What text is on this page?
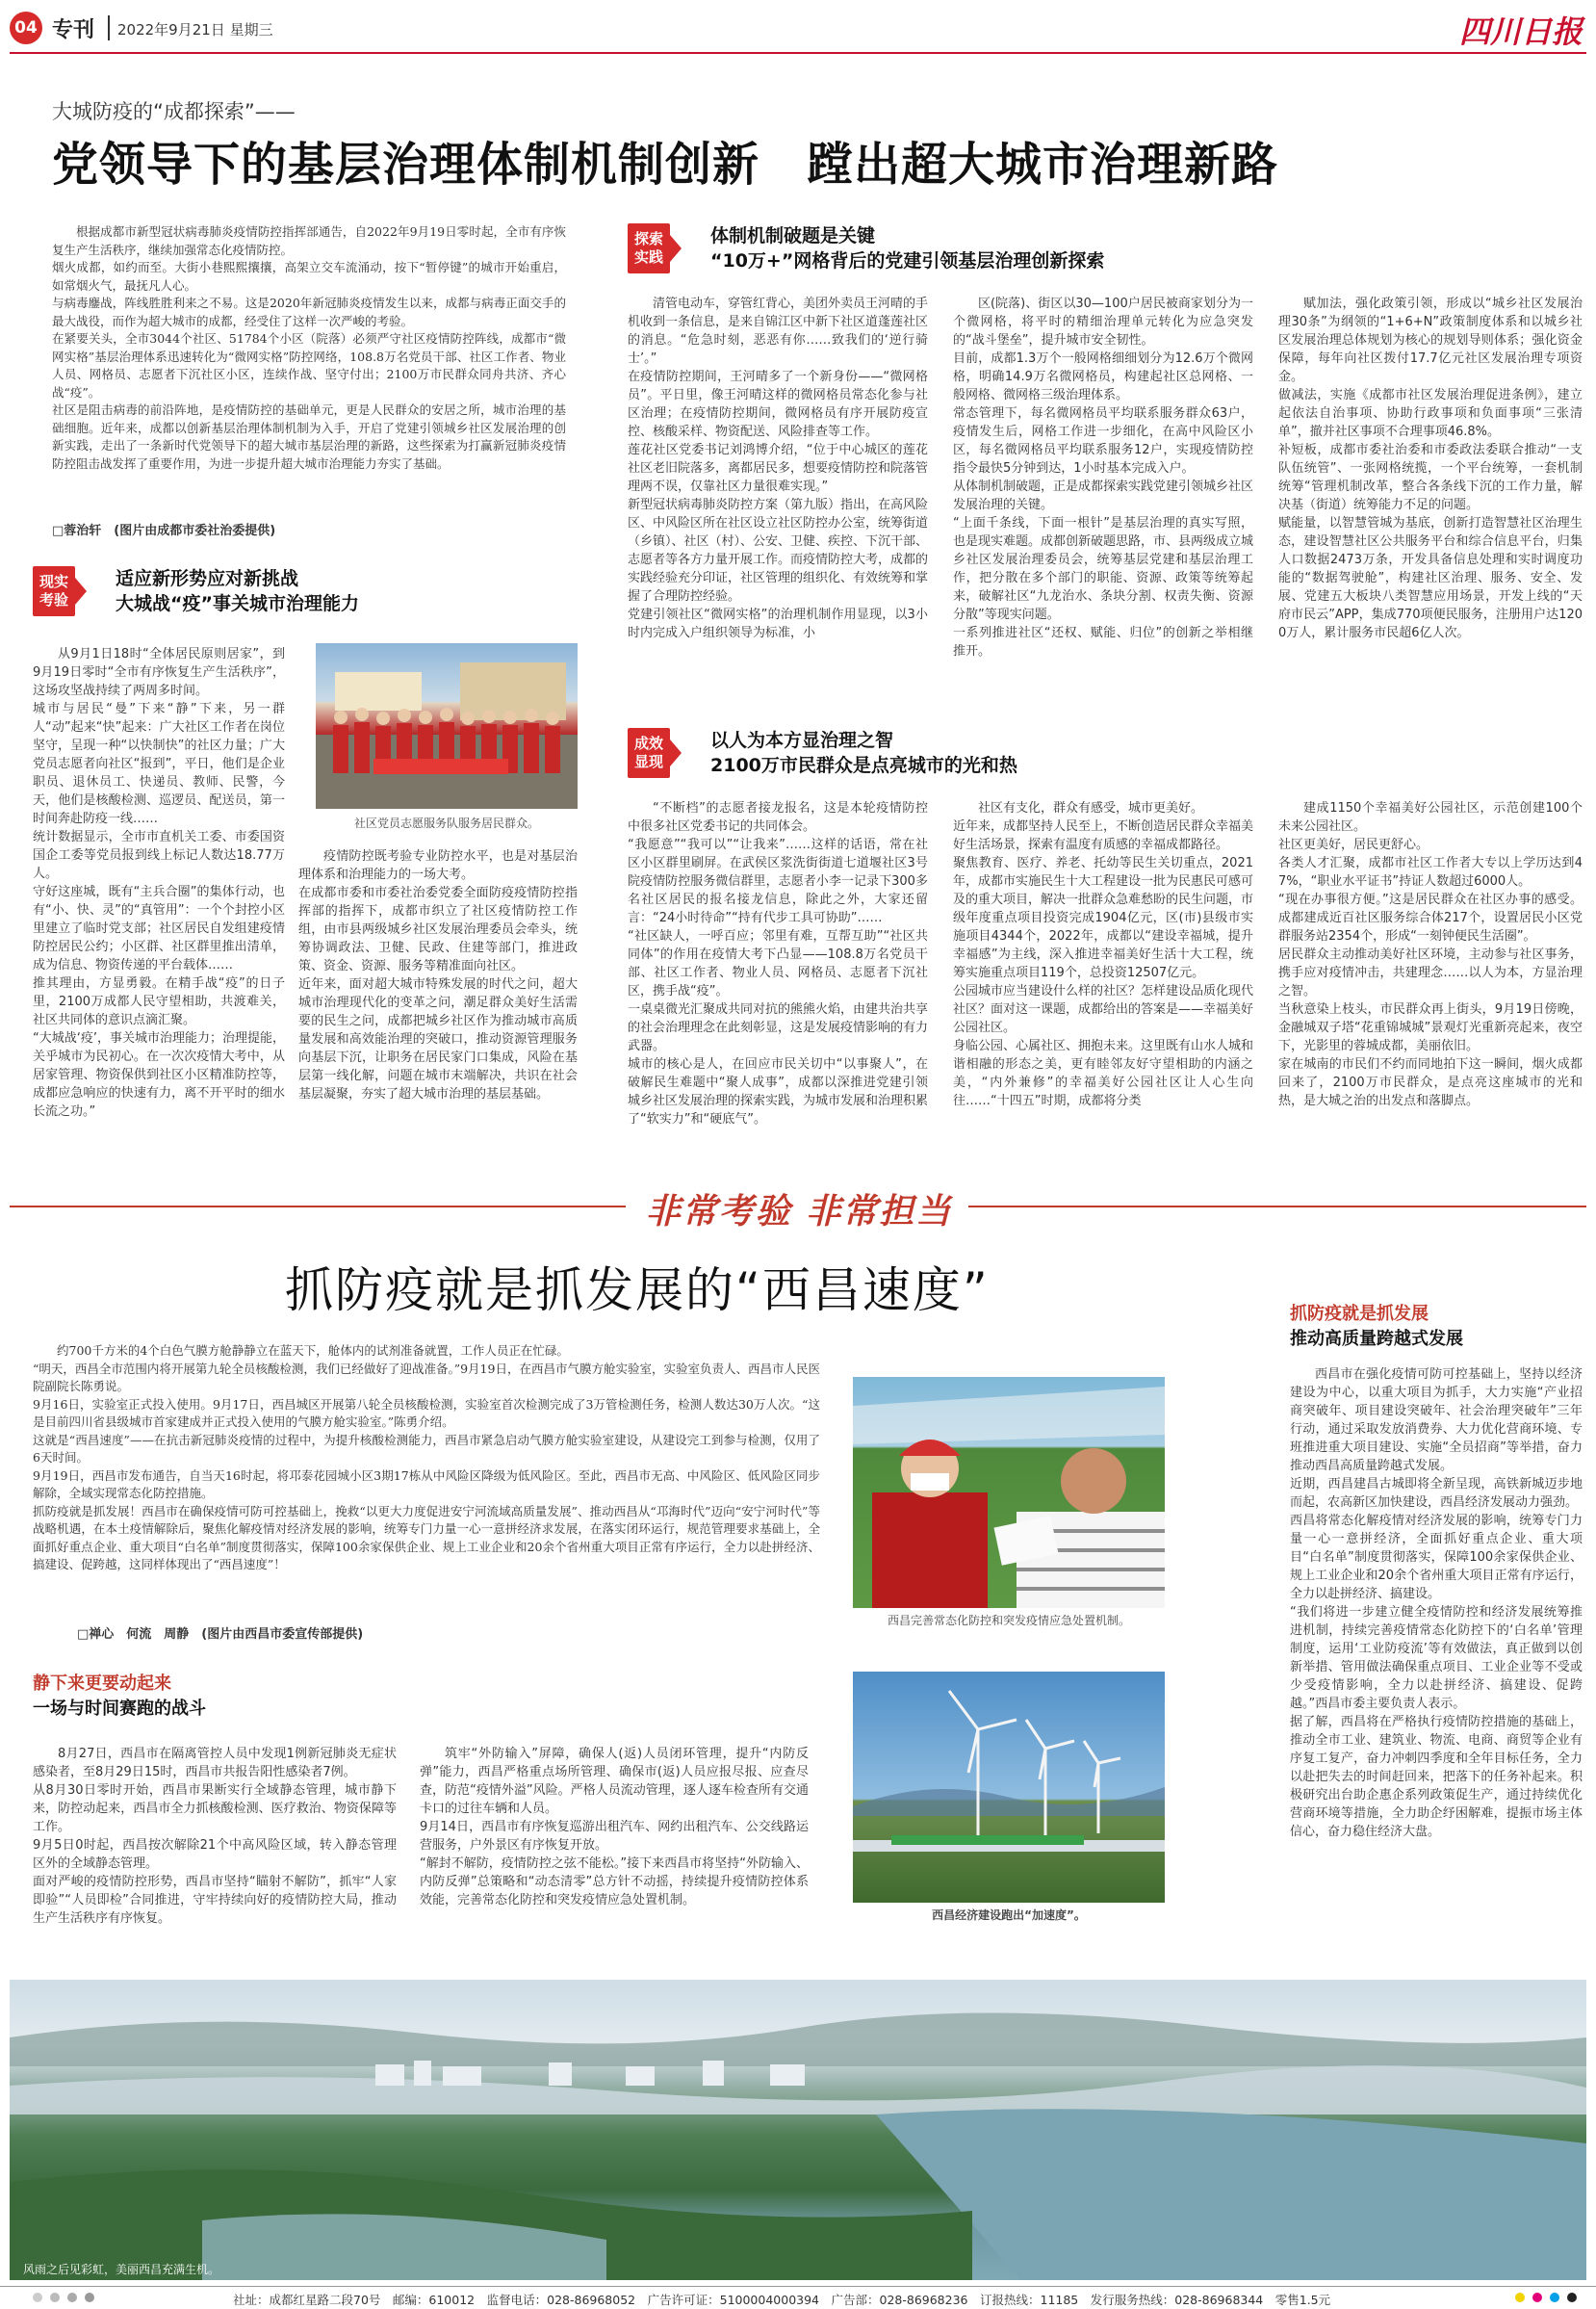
04 专刊 2022年9月21日 星期三	四川日报
大城防疫的“成都探索”——
党领导下的基层治理体制机制创新　蹚出超大城市治理新路
根据成都市新型冠状病毒肺炎疫情防控指挥部通告，自2022年9月19日零时起，全市有序恢复生产生活秩序，继续加强常态化疫情防控。
烟火成都，如约而至。大街小巷熙熙攘攘，高架立交车流涌动，按下“暂停键”的城市开始重启，如常烟火气，最抚凡人心。
与病毒鏖战，阵线胜胜利来之不易。这是2020年新冠肺炎疫情发生以来，成都与病毒正面交手的最大战役，而作为超大城市的成都，经受住了这样一次严峻的考验。
在紧要关头，全市3044个社区、51784个小区（院落）必须严守社区疫情防控阵线，成都市“微网实格”基层治理体系迅速转化为“微网实格”防控网络，108.8万名党员干部、社区工作者、物业人员、网格员、志愿者下沉社区小区，连续作战、坚守付出；2100万市民群众同舟共济、齐心战“疫”。
社区是阻击病毒的前沿阵地，是疫情防控的基础单元，更是人民群众的安居之所，城市治理的基础细胞。近年来，成都以创新基层治理体制机制为入手，开启了党建引领城乡社区发展治理的创新实践，走出了一条新时代党领导下的超大城市基层治理的新路，这些探索为打赢新冠肺炎疫情防控阻击战发挥了重要作用，为进一步提升超大城市治理能力夯实了基础。
□蓉治轩　(图片由成都市委社治委提供)
现实考验
适应新形势应对新挑战
大城战“疫”事关城市治理能力
从9月1日18时“全体居民原则居家”，到9月19日零时“全市有序恢复生产生活秩序”，这场攻坚战持续了两周多时间。
城市与居民“曼”下来“静”下来，另一群人“动”起来“快”起来：广大社区工作者在岗位坚守，呈现一种“以快制快”的社区力量；广大党员志愿者向社区“报到”，平日，他们是企业职员、退休员工、快递员、教师、民警，今天，他们是核酸检测、巡逻员、配送员，第一时间奔赴防疫一线……
统计数据显示，全市市直机关工委、市委国资国企工委等党员报到线上标记人数达18.77万人。
守好这座城，既有“主兵合圈”的集体行动，也有“小、快、灵”的“真管用”：一个个封控小区里建立了临时党支部；社区居民自发组建疫情防控居民公约；小区群、社区群里推出清单，成为信息、物资传递的平台载体……
推其理由，方显勇毅。在精手战“疫”的日子里，2100万成都人民守望相助，共渡难关，社区共同体的意识点滴汇聚。
“大城战‘疫’，事关城市治理能力；治理提能，关乎城市为民初心。在一次次疫情大考中，从居家管理、物资保供到社区小区精准防控等，成都应急响应的快速有力，离不开平时的细水长流之功。”
社区党员志愿服务队服务居民群众。
疫情防控既考验专业防控水平，也是对基层治理体系和治理能力的一场大考。
在成都市委和市委社治委党委全面防疫疫情防控指挥部的指挥下，成都市织立了社区疫情防控工作组，由市县两级城乡社区发展治理委员会牵头，统筹协调政法、卫健、民政、住建等部门，推进政策、资金、资源、服务等精准面向社区。
近年来，面对超大城市特殊发展的时代之问，超大城市治理现代化的变革之问，潮足群众美好生活需要的民生之问，成都把城乡社区作为推动城市高质量发展和高效能治理的突破口，推动资源管理服务向基层下沉，让职务在居民家门口集成，风险在基层第一线化解，问题在城市末端解决，共识在社会基层凝聚，夯实了超大城市治理的基层基础。
探索实践
体制机制破题是关键
“10万+”网格背后的党建引领基层治理创新探索
清管电动车，穿管红背心，美团外卖员王河晴的手机收到一条信息，是来自锦江区中新下社区道蓬莲社区的消息。“危急时刻，恶恶有你……致我们的‘逆行骑士’。”
在疫情防控期间，王河晴多了一个新身份——“微网格员”。平日里，像王河晴这样的微网格员常态化参与社区治理；在疫情防控期间，微网格员有序开展防疫宣控、核酸采样、物资配送、风险排查等工作。
莲花社区党委书记刘鸿博介绍，“位于中心城区的莲花社区老旧院落多，离都居民多，想要疫情防控和院落管理两不误，仅靠社区力量很难实现。”
新型冠状病毒肺炎防控方案（第九版）指出，在高风险区、中风险区所在社区设立社区防控办公室，统筹街道（乡镇）、社区（村）、公安、卫健、疾控、下沉干部、志愿者等各方力量开展工作。而疫情防控大考，成都的实践经验充分印证，社区管理的组织化、有效统筹和掌握了合理防控经验。
党建引领社区“微网实格”的治理机制作用显现，以3小时内完成入户组织领导为标准，小
区(院落)、街区以30—100户居民被商家划分为一个微网格，将平时的精细治理单元转化为应急突发的“战斗堡垒”，提升城市安全韧性。
目前，成都1.3万个一般网格细细划分为12.6万个微网格，明确14.9万名微网格员，构建起社区总网格、一般网格、微网格三级治理体系。
常态管理下，每名微网格员平均联系服务群众63户，疫情发生后，网格工作进一步细化，在高中风险区小区，每名微网格员平均联系服务12户，实现疫情防控指令最快5分钟到达，1小时基本完成入户。
从体制机制破题，正是成都探索实践党建引领城乡社区发展治理的关键。
“上面千条线，下面一根针”是基层治理的真实写照，也是现实难题。成都创新破题思路，市、县两级成立城乡社区发展治理委员会，统筹基层党建和基层治理工作，把分散在多个部门的职能、资源、政策等统筹起来，破解社区“九龙治水、条块分割、权责失衡、资源分散”等现实问题。
一系列推进社区“还权、赋能、归位”的创新之举相继推开。
赋加法，强化政策引领，形成以“城乡社区发展治理30条”为纲领的“1+6+N”政策制度体系和以城乡社区发展治理总体规划为核心的规划导则体系；强化资金保障，每年向社区拨付17.7亿元社区发展治理专项资金。
做减法，实施《成都市社区发展治理促进条例》，建立起依法自治事项、协助行政事项和负面事项“三张清单”，撤并社区事项不合理事项46.8%。
补短板，成都市委社治委和市委政法委联合推动“一支队伍统管”、一张网格统揽，一个平台统筹，一套机制统筹“管理机制改革，整合各条线下沉的工作力量，解决基（街道）统筹能力不足的问题。
赋能量，以智慧管城为基底，创新打造智慧社区治理生态，建设智慧社区公共服务平台和综合信息平台，归集人口数据2473万条，开发具备信息处理和实时调度功能的“数据驾驶舱”，构建社区治理、服务、安全、发展、党建五大板块八类智慧应用场景，开发上线的“天府市民云”APP，集成770项便民服务，注册用户达1200万人，累计服务市民超6亿人次。
成效显现
以人为本方显治理之智
2100万市民群众是点亮城市的光和热
“不断档”的志愿者接龙报名，这是本轮疫情防控中很多社区党委书记的共同体会。
“我愿意”“我可以”“让我来”……这样的话语，常在社区小区群里刷屏。在武侯区浆洗街街道七道堰社区3号院疫情防控服务微信群里，志愿者小李一记录下300多名社区居民的报名接龙信息，除此之外，大家还留言：“24小时待命”“持有代步工具可协助”……
“社区缺人，一呼百应；邻里有难，互帮互助”“社区共同体”的作用在疫情大考下凸显——108.8万名党员干部、社区工作者、物业人员、网格员、志愿者下沉社区，携手战“疫”。
一桌桌微光汇聚成共同对抗的熊熊火焰，由建共治共享的社会治理理念在此刻彰显，这是发展疫情影响的有力武器。
城市的核心是人，在回应市民关切中“以事聚人”，在破解民生难题中“聚人成事”，成都以深推进党建引领城乡社区发展治理的探索实践，为城市发展和治理积累了“软实力”和“硬底气”。
社区有支化，群众有感受，城市更美好。
近年来，成都坚持人民至上，不断创造居民群众幸福美好生活场景，探索有温度有质感的幸福成都路径。
聚焦教育、医疗、养老、托幼等民生关切重点，2021年，成都市实施民生十大工程建设一批为民惠民可感可及的重大项目，解决一批群众急难愁盼的民生问题，市级年度重点项目投资完成1904亿元，区(市)县级市实施项目4344个，2022年，成都以“建设幸福城，提升幸福感”为主线，深入推进幸福美好生活十大工程，统筹实施重点项目119个，总投资12507亿元。
公园城市应当建设什么样的社区？怎样建设品质化现代社区？面对这一课题，成都给出的答案是——幸福美好公园社区。
身临公园、心属社区、拥抱未来。这里既有山水人城和谐相融的形态之美，更有睦邻友好守望相助的内涵之美，“内外兼修”的幸福美好公园社区让人心生向往……“十四五”时期，成都将分类
建成1150个幸福美好公园社区，示范创建100个未来公园社区。
社区更美好，居民更舒心。
各类人才汇聚，成都市社区工作者大专以上学历达到47%，“职业水平证书”持证人数超过6000人。
“现在办事很方便。”这是居民群众在社区办事的感受。成都建成近百社区服务综合体217个，设置居民小区党群服务站2354个，形成“一刻钟便民生活圈”。
居民群众主动推动美好社区环境，主动参与社区事务，携手应对疫情冲击，共建理念……以人为本，方显治理之智。
当秋意染上枝头，市民群众再上街头，9月19日傍晚，金融城双子塔“花重锦城城”景观灯光重新亮起来，夜空下，光影里的蓉城成都，美丽依旧。
家在城南的市民们不约而同地拍下这一瞬间，烟火成都回来了，2100万市民群众，是点亮这座城市的光和热，是大城之治的出发点和落脚点。
非常考验 非常担当
抓防疫就是抓发展的“西昌速度”
约700千方米的4个白色气膜方舱静静立在蓝天下，舱体内的试剂准备就置，工作人员正在忙碌。
“明天，西昌全市范围内将开展第九轮全员核酸检测，我们已经做好了迎战准备。”9月19日，在西昌市气膜方舱实验室，实验室负责人、西昌市人民医院副院长陈勇说。
9月16日，实验室正式投入使用。9月17日，西昌城区开展第八轮全员核酸检测，实验室首次检测完成了3万管检测任务，检测人数达30万人次。“这是目前四川省县级城市首家建成并正式投入使用的气膜方舱实验室。”陈勇介绍。
这就是“西昌速度”——在抗击新冠肺炎疫情的过程中，为提升核酸检测能力，西昌市紧急启动气膜方舱实验室建设，从建设完工到参与检测，仅用了6天时间。
9月19日，西昌市发布通告，自当天16时起，将邛泰花园城小区3期17栋从中风险区降级为低风险区。至此，西昌市无高、中风险区、低风险区同步解除，全域实现常态化防控措施。
抓防疫就是抓发展！西昌市在确保疫情可防可控基础上，挽救“以更大力度促进安宁河流域高质量发展”、推动西昌从“邛海时代”迈向“安宁河时代”等战略机遇，在本土疫情解除后，聚焦化解疫情对经济发展的影响，统筹专门力量一心一意拼经济求发展，在落实闭环运行，规范管理要求基础上，全面抓好重点企业、重大项目“白名单”制度贯彻落实，保障100余家保供企业、规上工业企业和20余个省州重大项目正常有序运行，全力以赴拼经济、搞建设、促跨越，这同样体现出了“西昌速度”！
□禅心　何流　周静　(图片由西昌市委宣传部提供)
西昌完善常态化防控和突发疫情应急处置机制。
西昌经济建设跑出“加速度”。
静下来更要动起来
一场与时间赛跑的战斗
8月27日，西昌市在隔离管控人员中发现1例新冠肺炎无症状感染者，至8月29日15时，西昌市共报告阳性感染者7例。
从8月30日零时开始，西昌市果断实行全域静态管理，城市静下来，防控动起来，西昌市全力抓核酸检测、医疗救治、物资保障等工作。
9月5日0时起，西昌按次解除21个中高风险区域，转入静态管理区外的全域静态管理。
面对严峻的疫情防控形势，西昌市坚持“瞄射不解防”，抓牢“人家即验”“人员即检”合同推进，守牢持续向好的疫情防控大局，推动生产生活秩序有序恢复。
筑牢“外防输入”屏障，确保人(返)人员闭环管理，提升“内防反弹”能力，西昌严格重点场所管理、确保市(返)人员应报尽报、应查尽查，防范“疫情外溢”风险。严格人员流动管理，逐人逐车检查所有交通卡口的过往车辆和人员。
9月14日，西昌市有序恢复巡游出租汽车、网约出租汽车、公交线路运营服务，户外景区有序恢复开放。
“解封不解防，疫情防控之弦不能松。”接下来西昌市将坚持“外防输入、内防反弹”总策略和“动态清零”总方针不动摇，持续提升疫情防控体系效能，完善常态化防控和突发疫情应急处置机制。
抓防疫就是抓发展
推动高质量跨越式发展
西昌市在强化疫情可防可控基础上，坚持以经济建设为中心，以重大项目为抓手，大力实施“产业招商突破年、项目建设突破年、社会治理突破年”三年行动，通过采取发放消费券、大力优化营商环境、专班推进重大项目建设、实施“全员招商”等举措，奋力推动西昌高质量跨越式发展。
近期，西昌建昌古城即将全新呈现，高铁新城迈步地而起，农高新区加快建设，西昌经济发展动力强劲。
西昌将常态化解疫情对经济发展的影响，统筹专门力量一心一意拼经济，全面抓好重点企业、重大项目“白名单”制度贯彻落实，保障100余家保供企业、规上工业企业和20余个省州重大项目正常有序运行，全力以赴拼经济、搞建设。
“我们将进一步建立健全疫情防控和经济发展统筹推进机制，持续完善疫情常态化防控下的‘白名单’管理制度，运用‘工业防疫流’等有效做法，真正做到以创新举措、管用做法确保重点项目、工业企业等不受或少受疫情影响，全力以赴拼经济、搞建设、促跨越。”西昌市委主要负责人表示。
据了解，西昌将在严格执行疫情防控措施的基础上，推动全市工业、建筑业、物流、电商、商贸等企业有序复工复产，奋力冲刺四季度和全年目标任务，全力以赴把失去的时间赶回来，把落下的任务补起来。积极研究出台助企惠企系列政策促生产，通过持续优化营商环境等措施，全力助企纾困解难，提振市场主体信心，奋力稳住经济大盘。
风雨之后见彩虹，美丽西昌充满生机。
社址：成都红星路二段70号　邮编：610012　监督电话：028-86968052　广告许可证：5100004000394　广告部：028-86968236　订报热线：11185　发行服务热线：028-86968344　零售1.5元
